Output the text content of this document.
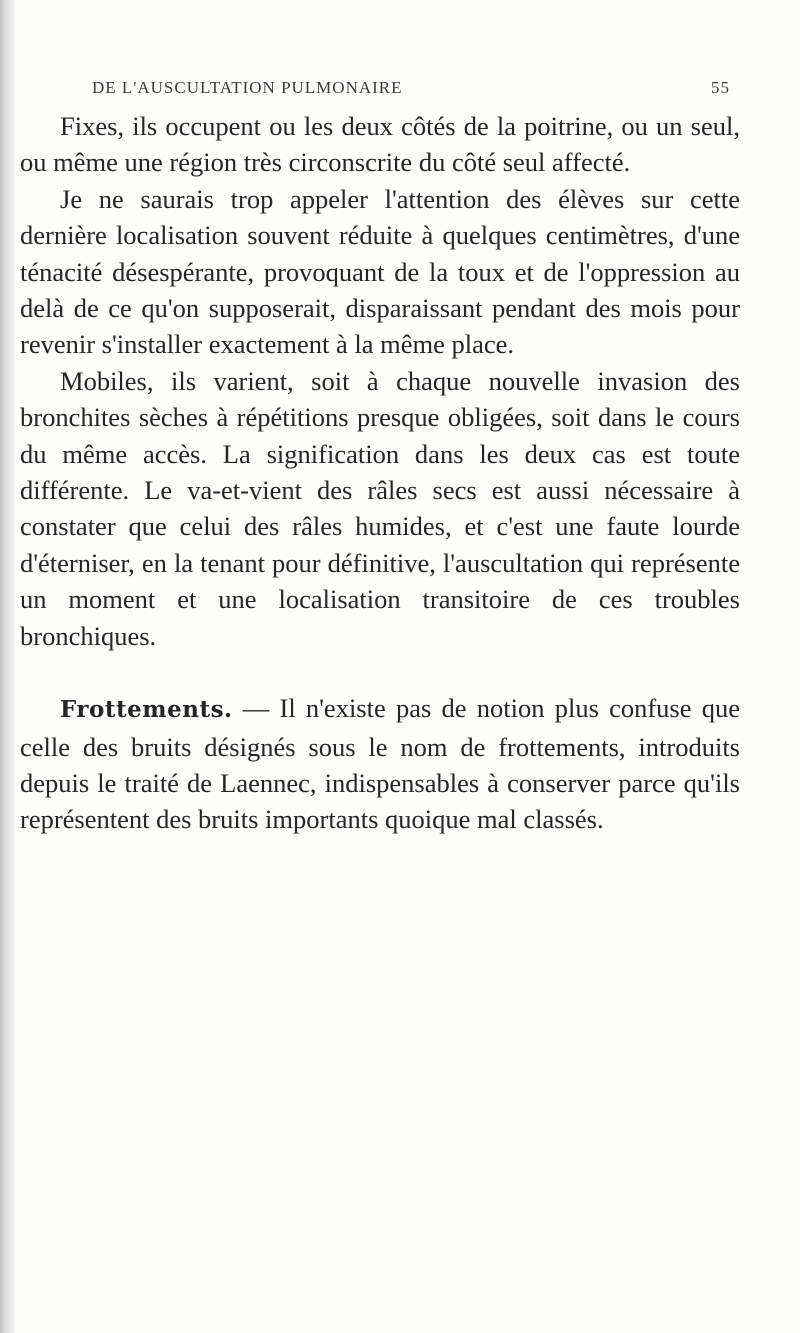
DE L'AUSCULTATION PULMONAIRE	55

Fixes, ils occupent ou les deux côtés de la poitrine, ou un seul, ou même une région très circonscrite du côté seul affecté.

Je ne saurais trop appeler l'attention des élèves sur cette dernière localisation souvent réduite à quelques centimètres, d'une ténacité désespérante, provoquant de la toux et de l'oppression au delà de ce qu'on supposerait, disparaissant pendant des mois pour revenir s'installer exactement à la même place.

Mobiles, ils varient, soit à chaque nouvelle invasion des bronchites sèches à répétitions presque obligées, soit dans le cours du même accès. La signification dans les deux cas est toute différente. Le va-et-vient des râles secs est aussi nécessaire à constater que celui des râles humides, et c'est une faute lourde d'éterniser, en la tenant pour définitive, l'auscultation qui représente un moment et une localisation transitoire de ces troubles bronchiques.

Frottements. — Il n'existe pas de notion plus confuse que celle des bruits désignés sous le nom de frottements, introduits depuis le traité de Laennec, indispensables à conserver parce qu'ils représentent des bruits importants quoique mal classés.
